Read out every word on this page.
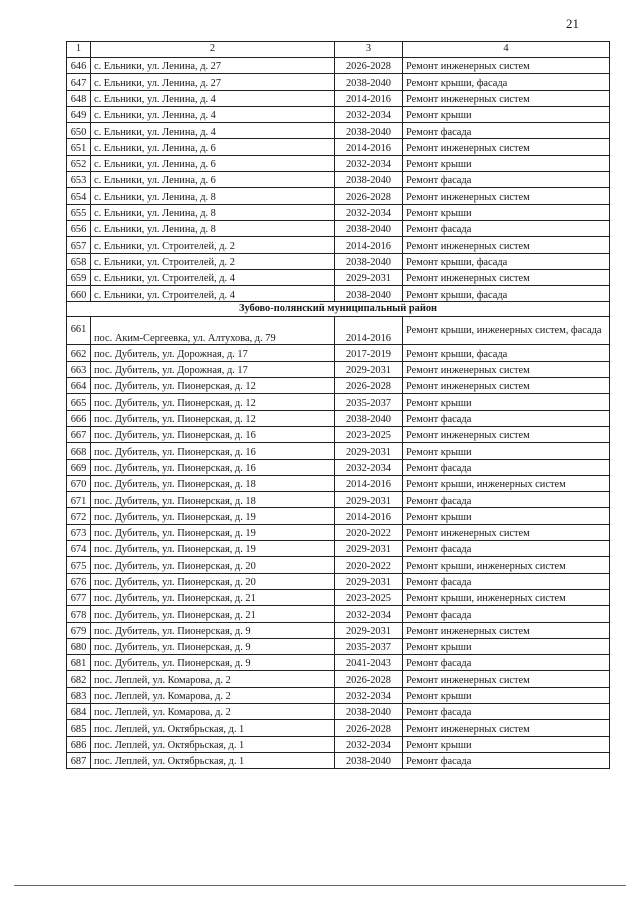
21
1	2	3	4
646	с. Ельники, ул. Ленина, д. 27	2026-2028	Ремонт инженерных систем
647	с. Ельники, ул. Ленина, д. 27	2038-2040	Ремонт крыши, фасада
648	с. Ельники, ул. Ленина, д. 4	2014-2016	Ремонт инженерных систем
649	с. Ельники, ул. Ленина, д. 4	2032-2034	Ремонт крыши
650	с. Ельники, ул. Ленина, д. 4	2038-2040	Ремонт фасада
651	с. Ельники, ул. Ленина, д. 6	2014-2016	Ремонт инженерных систем
652	с. Ельники, ул. Ленина, д. 6	2032-2034	Ремонт крыши
653	с. Ельники, ул. Ленина, д. 6	2038-2040	Ремонт фасада
654	с. Ельники, ул. Ленина, д. 8	2026-2028	Ремонт инженерных систем
655	с. Ельники, ул. Ленина, д. 8	2032-2034	Ремонт крыши
656	с. Ельники, ул. Ленина, д. 8	2038-2040	Ремонт фасада
657	с. Ельники, ул. Строителей, д. 2	2014-2016	Ремонт инженерных систем
658	с. Ельники, ул. Строителей, д. 2	2038-2040	Ремонт крыши, фасада
659	с. Ельники, ул. Строителей, д. 4	2029-2031	Ремонт инженерных систем
660	с. Ельники, ул. Строителей, д. 4	2038-2040	Ремонт крыши, фасада
Зубово-полянский муниципальный район			
661	пос. Аким-Сергеевка, ул. Алтухова, д. 79	2014-2016	Ремонт крыши, инженерных систем, фасада
662	пос. Дубитель, ул. Дорожная, д. 17	2017-2019	Ремонт крыши, фасада
663	пос. Дубитель, ул. Дорожная, д. 17	2029-2031	Ремонт инженерных систем
664	пос. Дубитель, ул. Пионерская, д. 12	2026-2028	Ремонт инженерных систем
665	пос. Дубитель, ул. Пионерская, д. 12	2035-2037	Ремонт крыши
666	пос. Дубитель, ул. Пионерская, д. 12	2038-2040	Ремонт фасада
667	пос. Дубитель, ул. Пионерская, д. 16	2023-2025	Ремонт инженерных систем
668	пос. Дубитель, ул. Пионерская, д. 16	2029-2031	Ремонт крыши
669	пос. Дубитель, ул. Пионерская, д. 16	2032-2034	Ремонт фасада
670	пос. Дубитель, ул. Пионерская, д. 18	2014-2016	Ремонт крыши, инженерных систем
671	пос. Дубитель, ул. Пионерская, д. 18	2029-2031	Ремонт фасада
672	пос. Дубитель, ул. Пионерская, д. 19	2014-2016	Ремонт крыши
673	пос. Дубитель, ул. Пионерская, д. 19	2020-2022	Ремонт инженерных систем
674	пос. Дубитель, ул. Пионерская, д. 19	2029-2031	Ремонт фасада
675	пос. Дубитель, ул. Пионерская, д. 20	2020-2022	Ремонт крыши, инженерных систем
676	пос. Дубитель, ул. Пионерская, д. 20	2029-2031	Ремонт фасада
677	пос. Дубитель, ул. Пионерская, д. 21	2023-2025	Ремонт крыши, инженерных систем
678	пос. Дубитель, ул. Пионерская, д. 21	2032-2034	Ремонт фасада
679	пос. Дубитель, ул. Пионерская, д. 9	2029-2031	Ремонт инженерных систем
680	пос. Дубитель, ул. Пионерская, д. 9	2035-2037	Ремонт крыши
681	пос. Дубитель, ул. Пионерская, д. 9	2041-2043	Ремонт фасада
682	пос. Леплей, ул. Комарова, д. 2	2026-2028	Ремонт инженерных систем
683	пос. Леплей, ул. Комарова, д. 2	2032-2034	Ремонт крыши
684	пос. Леплей, ул. Комарова, д. 2	2038-2040	Ремонт фасада
685	пос. Леплей, ул. Октябрьская, д. 1	2026-2028	Ремонт инженерных систем
686	пос. Леплей, ул. Октябрьская, д. 1	2032-2034	Ремонт крыши
687	пос. Леплей, ул. Октябрьская, д. 1	2038-2040	Ремонт фасада
